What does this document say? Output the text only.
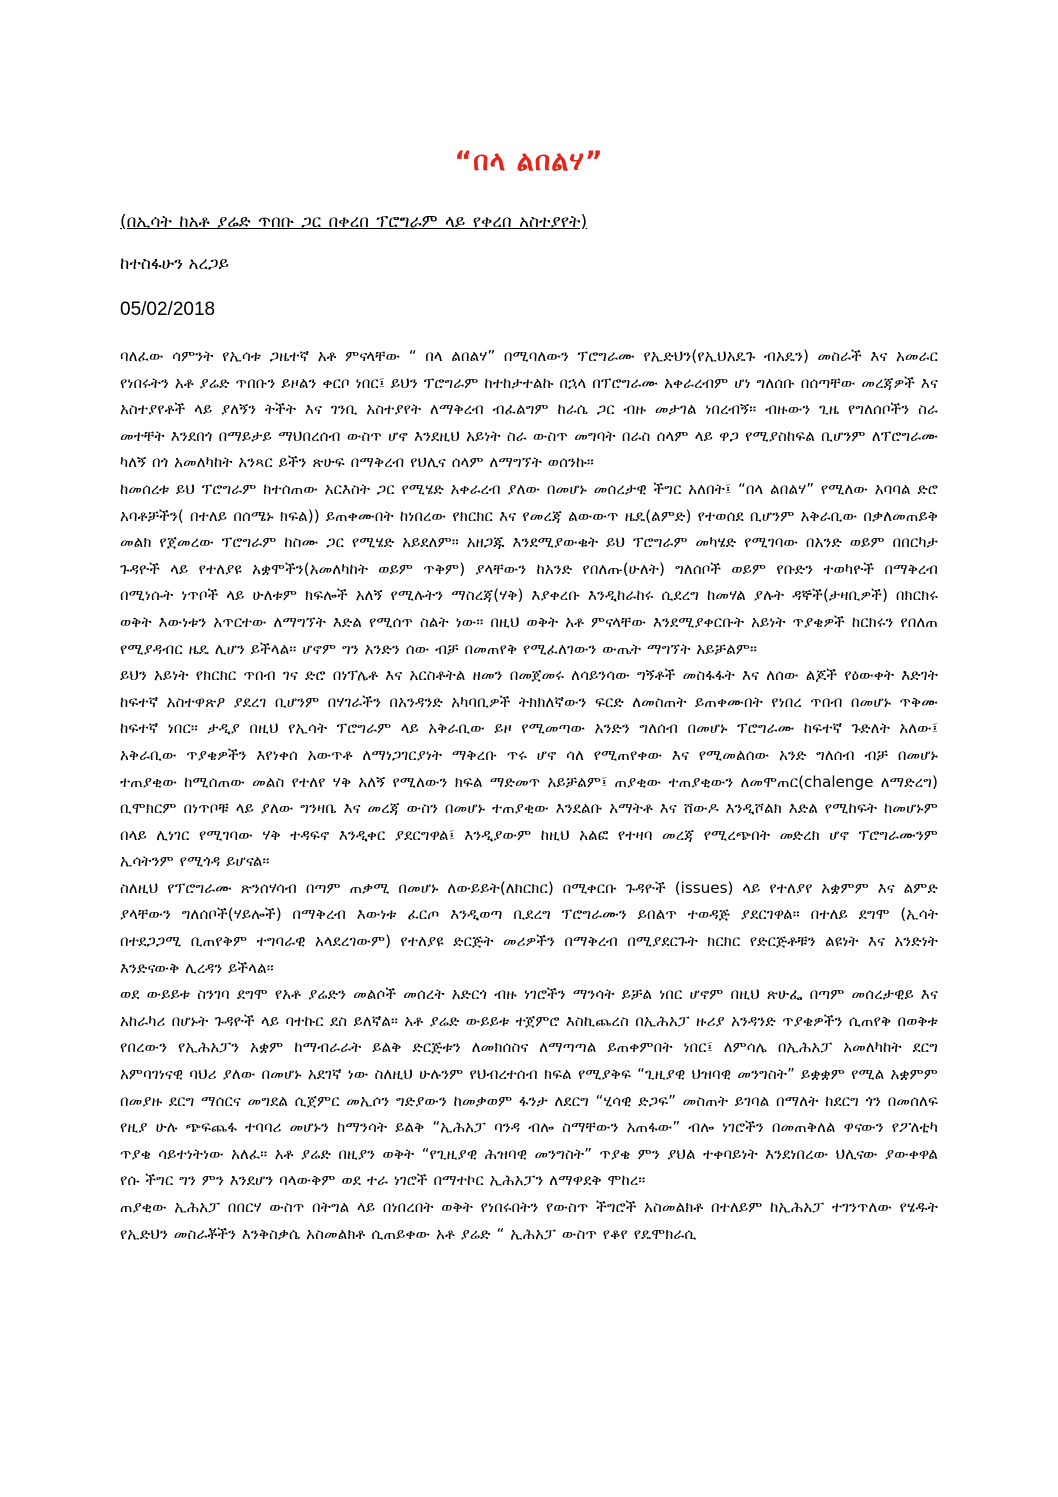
“በላ ልበልሃ”
(በኢሳት ከአቶ ያሬድ ጥበቡ ጋር በቀረበ ፕሮግራም ላይ የቀረበ አስተያየት)
ከተስፋሁን አረጋይ
05/02/2018

ባለፈው ሳምንት የኢሳቱ ጋዜተኛ አቶ ምናላቸው “ በላ ልበልሃ” በሚባለውን ፕሮግራሙ የኢድህን(የኢህአዴጉ ብአዴን) መስራች እና አመራር የነበሩትን አቶ ያሬድ ጥበቡን ይዞልን ቀርቦ ነበር፤ ይህን ፕሮግራም ከተከታተልኩ በኋላ በፕሮግራሙ አቀራረብም ሆነ ግለሰቡ በሰጣቸው መረጃዎች እና አስተያየቶች ላይ ያለኝን ትችት እና ገንቢ አስተያየት ለማቅረብ ብፈልግም ከራሴ ጋር ብዙ መታገል ነበረብኝ። ብዙውን ጊዜ የግለሰቦችን ስራ መተቸት እንደበጎ በማይታይ ማህበረሰብ ውስጥ ሆኖ እንደዚህ አይነት ስራ ውስጥ መግባት በራስ ሰላም ላይ ዋጋ የሚያስከፍል ቢሆንም ለፕሮግራሙ ካለኝ በጎ አመለካከት አንጻር ይችን ጽሁፍ በማቅረብ የህሊና ሰላም ለማግኘት ወሰንኩ።

ከመሰረቱ ይህ ፕሮግራም ከተሰጠው አርእስት ጋር የሚሄድ አቀራረብ ያለው በመሆኑ መሰረታዊ ችግር አለበት፤ “በላ ልበልሃ” የሚለው አባባል ድሮ አባቶቻችን( በተለይ በሰሜኑ ክፍል)) ይጠቀሙበት ከነበረው የክርክር እና የመረጃ ልውውጥ ዜዴ(ልምድ) የተወሰደ ቢሆንም አቅራቢው በቃለመጠይቅ መልክ የጀመረው ፕሮግራም ከስሙ ጋር የሚሄድ አይደለም። አዘጋጁ እንደሚያውቁት ይህ ፕሮግራም መካሄድ የሚገባው በአንድ ወይም በበርካታ ጉዳዮች ላይ የተለያዩ አቋሞችን(አመለካከት ወይም ጥቅም) ያላቸውን ከአንድ የበለጡ(ሁለት) ግለሰቦች ወይም የቡድን ተወካዮች በማቅረብ በሚነሱት ነጥቦች ላይ ሁለቱም ክፍሎች አለኝ የሚሉትን ማስረጃ(ሃቅ) እያቀረቡ እንዲከራከሩ ሲደረግ ከመሃል ያሉት ዳኞች(ታዛቢዎች) በክርክሩ ወቅት እውነቱን አጥርተው ለማግኘት እድል የሚሰጥ ስልት ነው። በዚህ ወቅት አቶ ምናላቸው እንደሚያቀርቡት አይነት ጥያቄዎች ከርክሩን የበለጠ የሚያዳብር ዜዴ ሊሆን ይችላል። ሆኖም ግን አንድን ሰው ብቻ በመጠየቅ የሚፈለገውን ውጤት ማግኘት አይቻልም።

ይህን አይነት የክርክር ጥበብ ገና ድሮ በነፕሌቶ እና አርስቶትል ዘመን በመጀመሩ ለሳይንሳው ግኝቶች መስፋፋት እና ለሰው ልጆች የዕውቀት እድገት ከፍተኛ አስተዋጽዖ ያደረገ ቢሆንም በሃገራችን በአንዳንድ አካባቢዎች ትክክለኛውን ፍርድ ለመስጠት ይጠቀሙበት የነበረ ጥበብ በመሆኑ ጥቅሙ ከፍተኛ ነበር። ታዲያ በዚህ የኢሳት ፕሮግራም ላይ አቅራቢው ይዞ የሚመጣው አንድን ግለሰብ በመሆኑ ፕሮግራሙ ከፍተኛ ጉድለት አለው፤ አቅራቢው ጥያቄዎችን እየነቀሰ አውጥቶ ለማነጋገርያነት ማቅረቡ ጥሩ ሆኖ ሳለ የሚጠየቀው እና የሚመልሰው አንድ ግለሰብ ብቻ በመሆኑ ተጠያቂው ከሚሰጠው መልስ የተለየ ሃቅ አለኝ የሚለውን ክፍል ማድመጥ አይቻልም፤ ጠያቂው ተጠያቂውን ለመሞጠር(chalenge ለማድረግ) ቢሞክርም በነጥቦቹ ላይ ያለው ግንዛቤ እና መረጃ ውስን በመሆኑ ተጠያቂው እንደልቡ አማትቶ እና ሸውዶ እንዲሾልክ እድል የሚከፍት ከመሆኑም በላይ ሊነገር የሚገባው ሃቅ ተዳፍኖ እንዲቀር ያደርግዋል፤ እንዲያውም ከዚህ አልፎ የተዛባ መረጃ የሚረጭበት መድረክ ሆኖ ፕሮግራሙንም ኢሳትንም የሚጎዳ ይሆናል።

ስለዚህ የፕሮግራሙ ጽንሰሃሳብ በጣም ጠቃሚ በመሆኑ ለውይይት(ለክርክር) በሚቀርቡ ጉዳዮች (issues) ላይ የተለያየ አቋምም እና ልምድ ያላቸውን ግለሰቦች(ሃይሎች) በማቅረብ እውነቱ ፈርጦ እንዲወጣ ቢደረግ ፕሮግራሙን ይበልጥ ተወዳጅ ያደርገዋል። በተለይ ደግሞ (ኢሳት በተደጋጋሚ ቢጠየቅም ተግባራዊ አላደረገውም) የተለያዩ ድርጅት መሪዎችን በማቅረብ በሚያደርጉት ክርክር የድርጅቶቹን ልዩነት እና አንድነት እንድናውቅ ሊረዳን ይችላል።

ወደ ውይይቱ ስንገባ ደግሞ የአቶ ያሬድን መልሶች መሰረት አድርጎ ብዙ ነገሮችን ማንሳት ይቻል ነበር ሆኖም በዚህ ጽሁፌ በጣም መሰረታዊይ እና አከራካሪ በሆኑት ጉዳዮች ላይ ባተኩር ደስ ይለኛል። አቶ ያሬድ ውይይቱ ተጀምሮ እስኪጨረስ በኢሕአፓ ዙሪያ አንዳንድ ጥያቄዎችን ሲጠየቅ በወቅቱ የበረውን የኢሕአፓን አቋም ከማብራራት ይልቅ ድርጅቱን ለመክሰስና ለማጣጣል ይጠቀምበት ነበር፤ ለምሳሌ በኢሕአፓ አመለካከት ደርግ አምባገነናዊ ባህሪ ያለው በመሆኑ አደገኛ ነው ስለዚህ ሁሉንም የህብረተሰብ ክፍል የሚያቅፍ “ጊዚያዊ ህዝባዊ መንግስት” ይቋቋም የሚል አቋምም በመያዙ ደርግ ማሰርና መግደል ሲጀምር መኢሶን ግድያውን ከመቃወም ፋንታ ለደርግ “ሂሳዊ ድጋፍ” መስጠት ይገባል በማለት ከደርግ ጎን በመሰለፍ የዚያ ሁሉ ጭፍጨፋ ተባባሪ መሆኑን ከማንሳት ይልቅ “ኢሕአፓ ባንዳ ብሎ ስማቸውን አጠፋው” ብሎ ነገሮችን በመጠቅለል ዋናውን የፖለቲካ ጥያቄ ሳይተነትነው አለፈ። አቶ ያሬድ በዚያን ወቅት “የጊዚያዊ ሕዝባዊ መንግስት” ጥያቄ ምን ያህል ተቀባይነት እንደነበረው ህሊናው ያውቀዋል የሱ ችግር ግን ምን እንደሆን ባላውቅም ወደ ተራ ነገሮች በማተኮር ኢሕአፓን ለማዋደቅ ሞከረ።

ጠያቂው ኢሕአፓ በበርሃ ውስጥ በትግል ላይ በነበረበት ወቅት የነበሩበትን የውስጥ ችግሮች አስመልክቶ በተለይም ከኢሕአፓ ተገንጥለው የሄዱት የኢድህን መስራቾችን እንቅስቃሴ አስመልክቶ ሲጠይቀው አቶ ያሬድ “ ኢሕአፓ ውስጥ የቆየ የዴሞክራሲ
